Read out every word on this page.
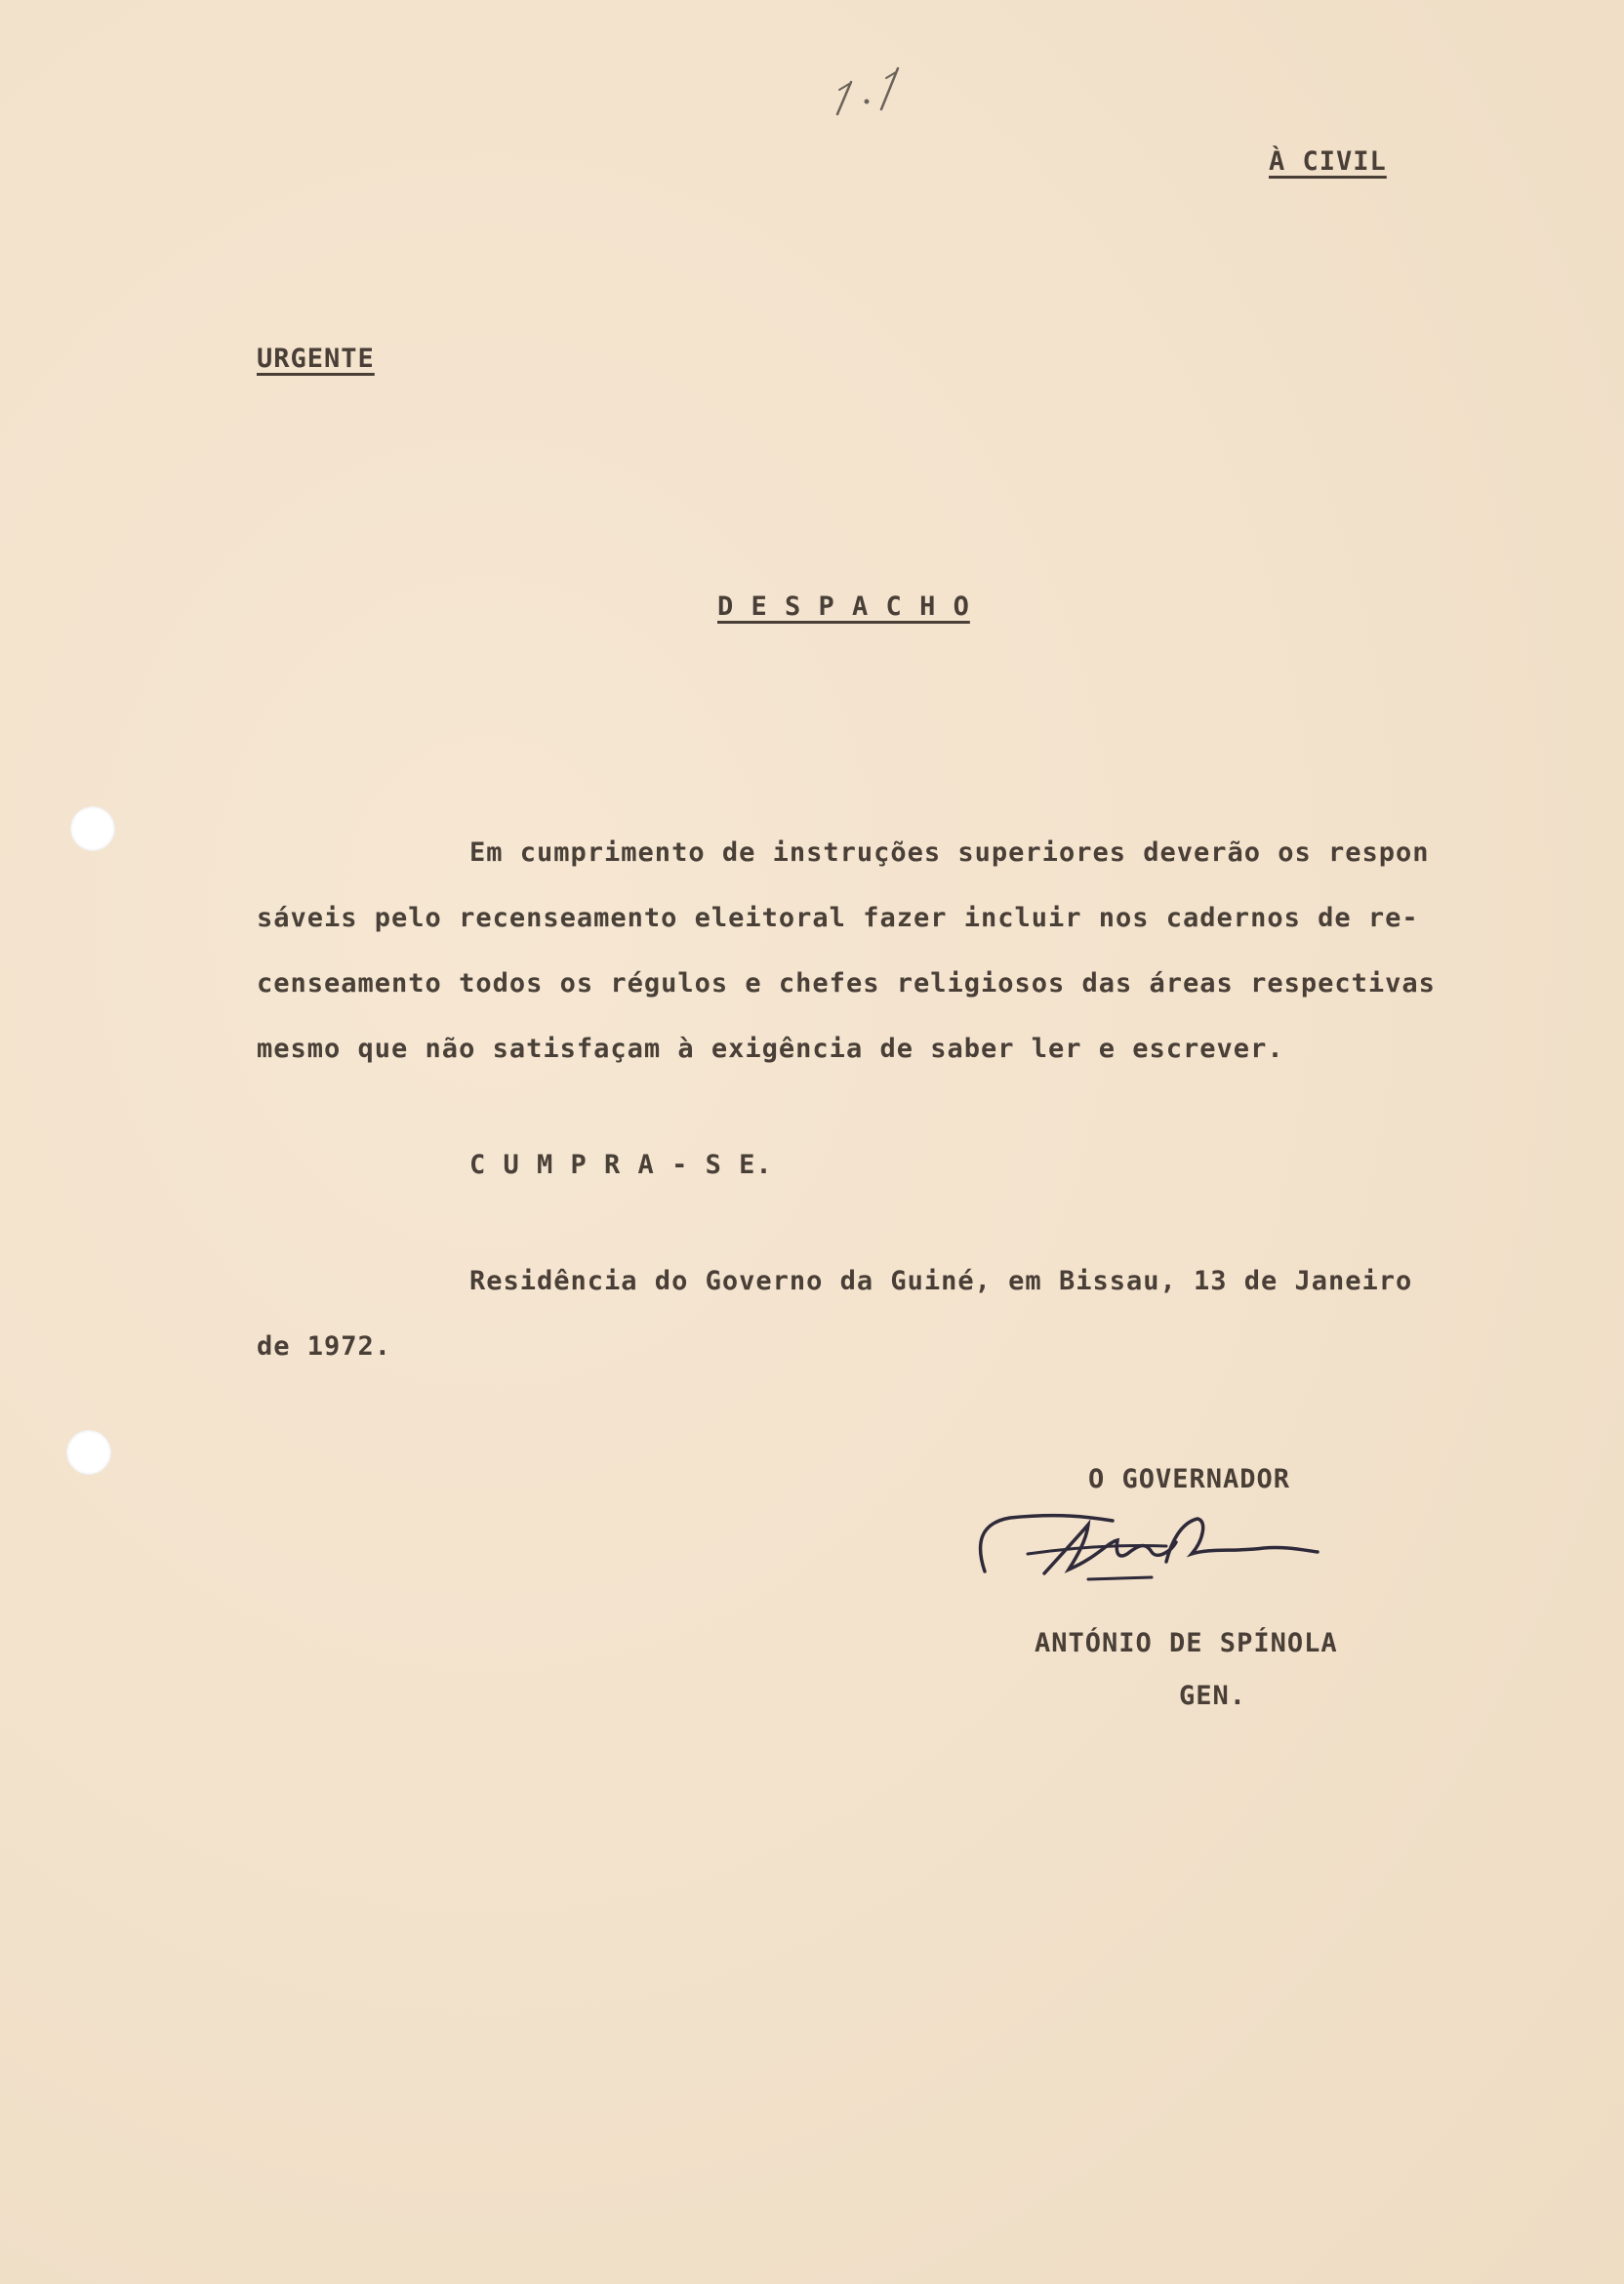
À CIVIL
URGENTE
D E S P A C H O
Em cumprimento de instruções superiores deverão os respon
sáveis pelo recenseamento eleitoral fazer incluir nos cadernos de re-
censeamento todos os régulos e chefes religiosos das áreas respectivas
mesmo que não satisfaçam à exigência de saber ler e escrever.
C U M P R A - S E.
Residência do Governo da Guiné, em Bissau, 13 de Janeiro
de 1972.
O GOVERNADOR
ANTÓNIO DE SPÍNOLA
GEN.
